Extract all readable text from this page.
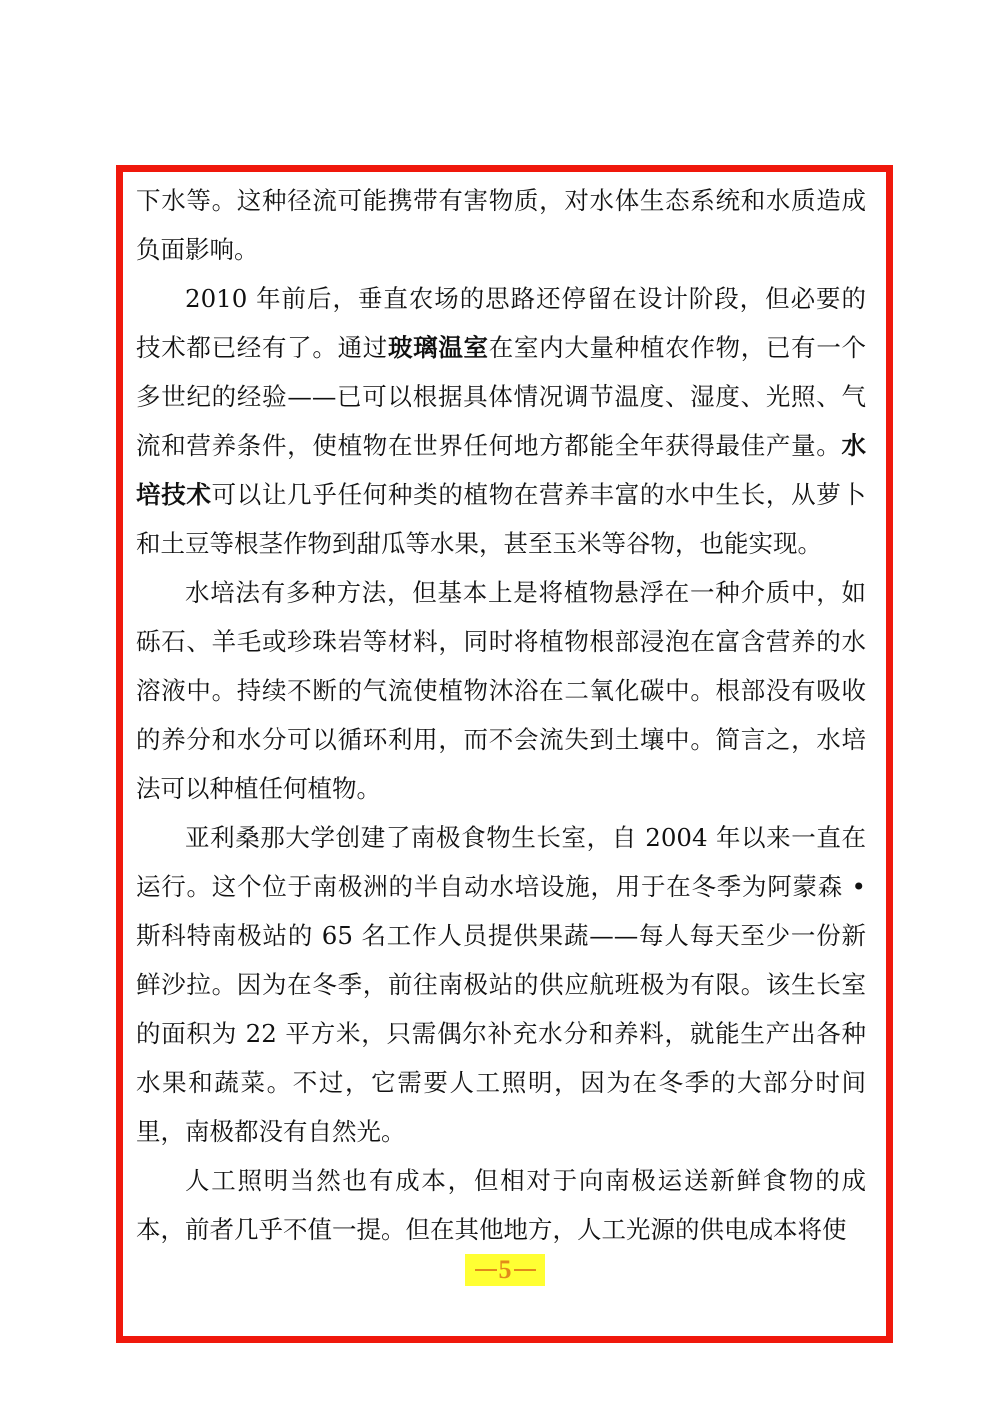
下水等。这种径流可能携带有害物质，对水体生态系统和水质造成负面影响。

2010 年前后，垂直农场的思路还停留在设计阶段，但必要的技术都已经有了。通过玻璃温室在室内大量种植农作物，已有一个多世纪的经验——已可以根据具体情况调节温度、湿度、光照、气流和营养条件，使植物在世界任何地方都能全年获得最佳产量。水培技术可以让几乎任何种类的植物在营养丰富的水中生长，从萝卜和土豆等根茎作物到甜瓜等水果，甚至玉米等谷物，也能实现。

水培法有多种方法，但基本上是将植物悬浮在一种介质中，如砾石、羊毛或珍珠岩等材料，同时将植物根部浸泡在富含营养的水溶液中。持续不断的气流使植物沐浴在二氧化碳中。根部没有吸收的养分和水分可以循环利用，而不会流失到土壤中。简言之，水培法可以种植任何植物。

亚利桑那大学创建了南极食物生长室，自 2004 年以来一直在运行。这个位于南极洲的半自动水培设施，用于在冬季为阿蒙森 •斯科特南极站的 65 名工作人员提供果蔬——每人每天至少一份新鲜沙拉。因为在冬季，前往南极站的供应航班极为有限。该生长室的面积为 22 平方米，只需偶尔补充水分和养料，就能生产出各种水果和蔬菜。不过，它需要人工照明，因为在冬季的大部分时间里，南极都没有自然光。

人工照明当然也有成本，但相对于向南极运送新鲜食物的成本，前者几乎不值一提。但在其他地方，人工光源的供电成本将使

5
